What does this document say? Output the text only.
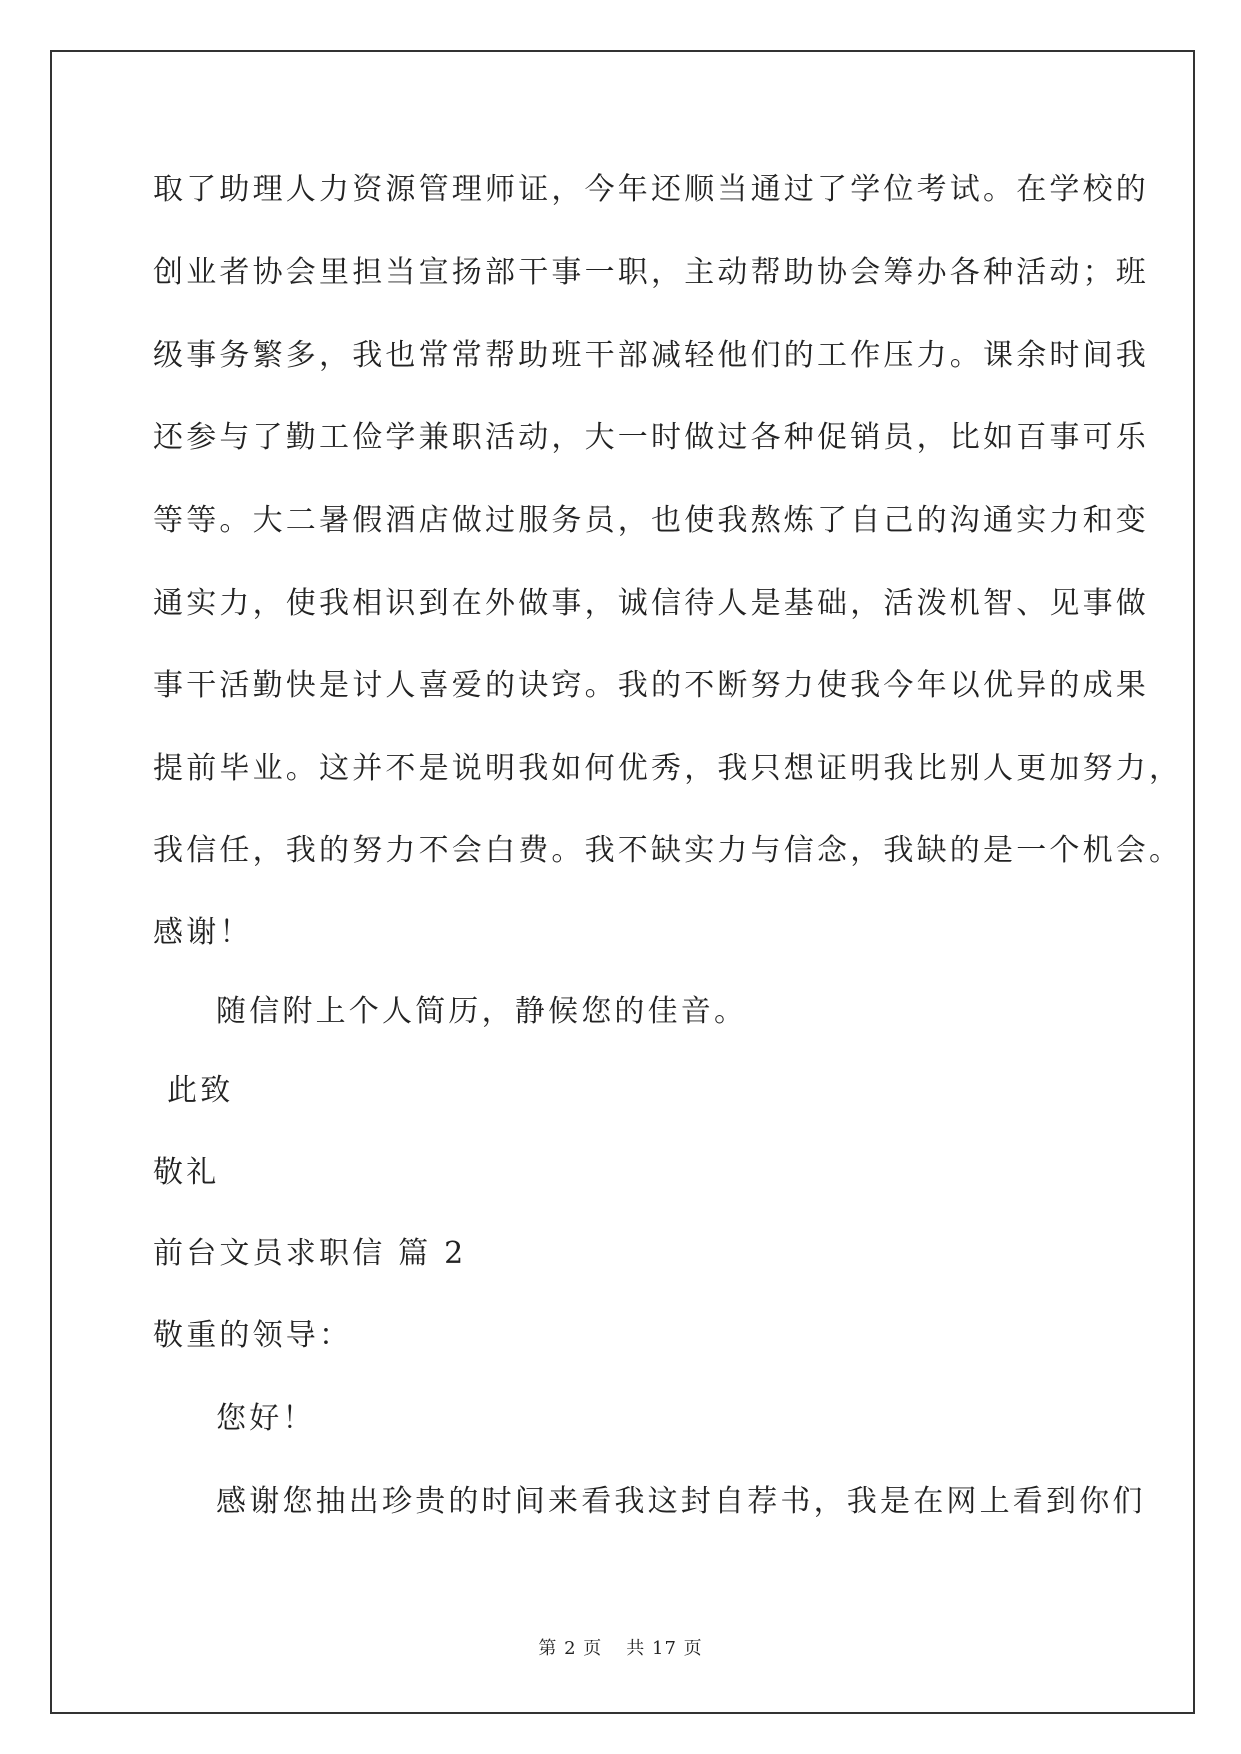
取了助理人力资源管理师证，今年还顺当通过了学位考试。在学校的
创业者协会里担当宣扬部干事一职，主动帮助协会筹办各种活动；班
级事务繁多，我也常常帮助班干部减轻他们的工作压力。课余时间我
还参与了勤工俭学兼职活动，大一时做过各种促销员，比如百事可乐
等等。大二暑假酒店做过服务员，也使我熬炼了自己的沟通实力和变
通实力，使我相识到在外做事，诚信待人是基础，活泼机智、见事做
事干活勤快是讨人喜爱的诀窍。我的不断努力使我今年以优异的成果
提前毕业。这并不是说明我如何优秀，我只想证明我比别人更加努力，
我信任，我的努力不会白费。我不缺实力与信念，我缺的是一个机会。
感谢！
随信附上个人简历，静候您的佳音。
此致
敬礼
前台文员求职信 篇 2
敬重的领导：
您好！
感谢您抽出珍贵的时间来看我这封自荐书，我是在网上看到你们
第 2 页 共 17 页
